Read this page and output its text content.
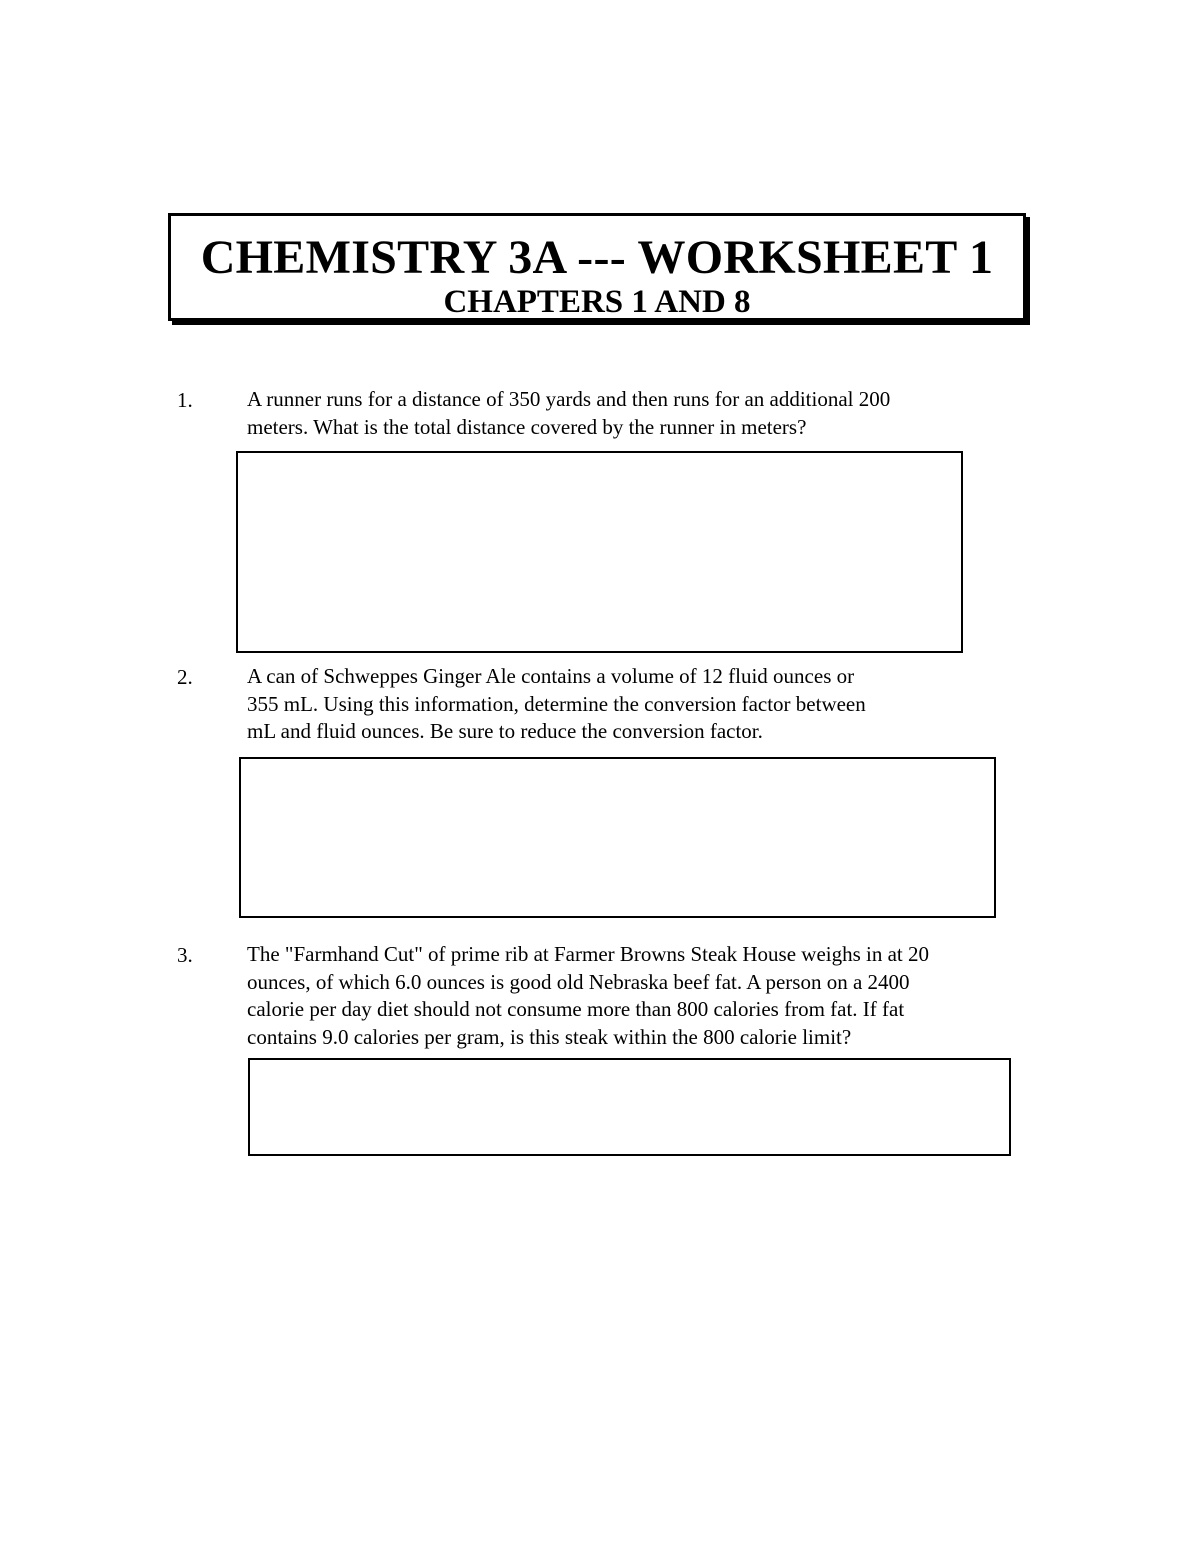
CHEMISTRY 3A --- WORKSHEET 1
CHAPTERS 1 AND 8
1.	A runner runs for a distance of 350 yards and then runs for an additional 200
meters. What is the total distance covered by the runner in meters?
2.	A can of Schweppes Ginger Ale contains a volume of 12 fluid ounces or
355 mL. Using this information, determine the conversion factor between
mL and fluid ounces. Be sure to reduce the conversion factor.
3.	The "Farmhand Cut" of prime rib at Farmer Browns Steak House weighs in at 20
ounces, of which 6.0 ounces is good old Nebraska beef fat. A person on a 2400
calorie per day diet should not consume more than 800 calories from fat. If fat
contains 9.0 calories per gram, is this steak within the 800 calorie limit?
